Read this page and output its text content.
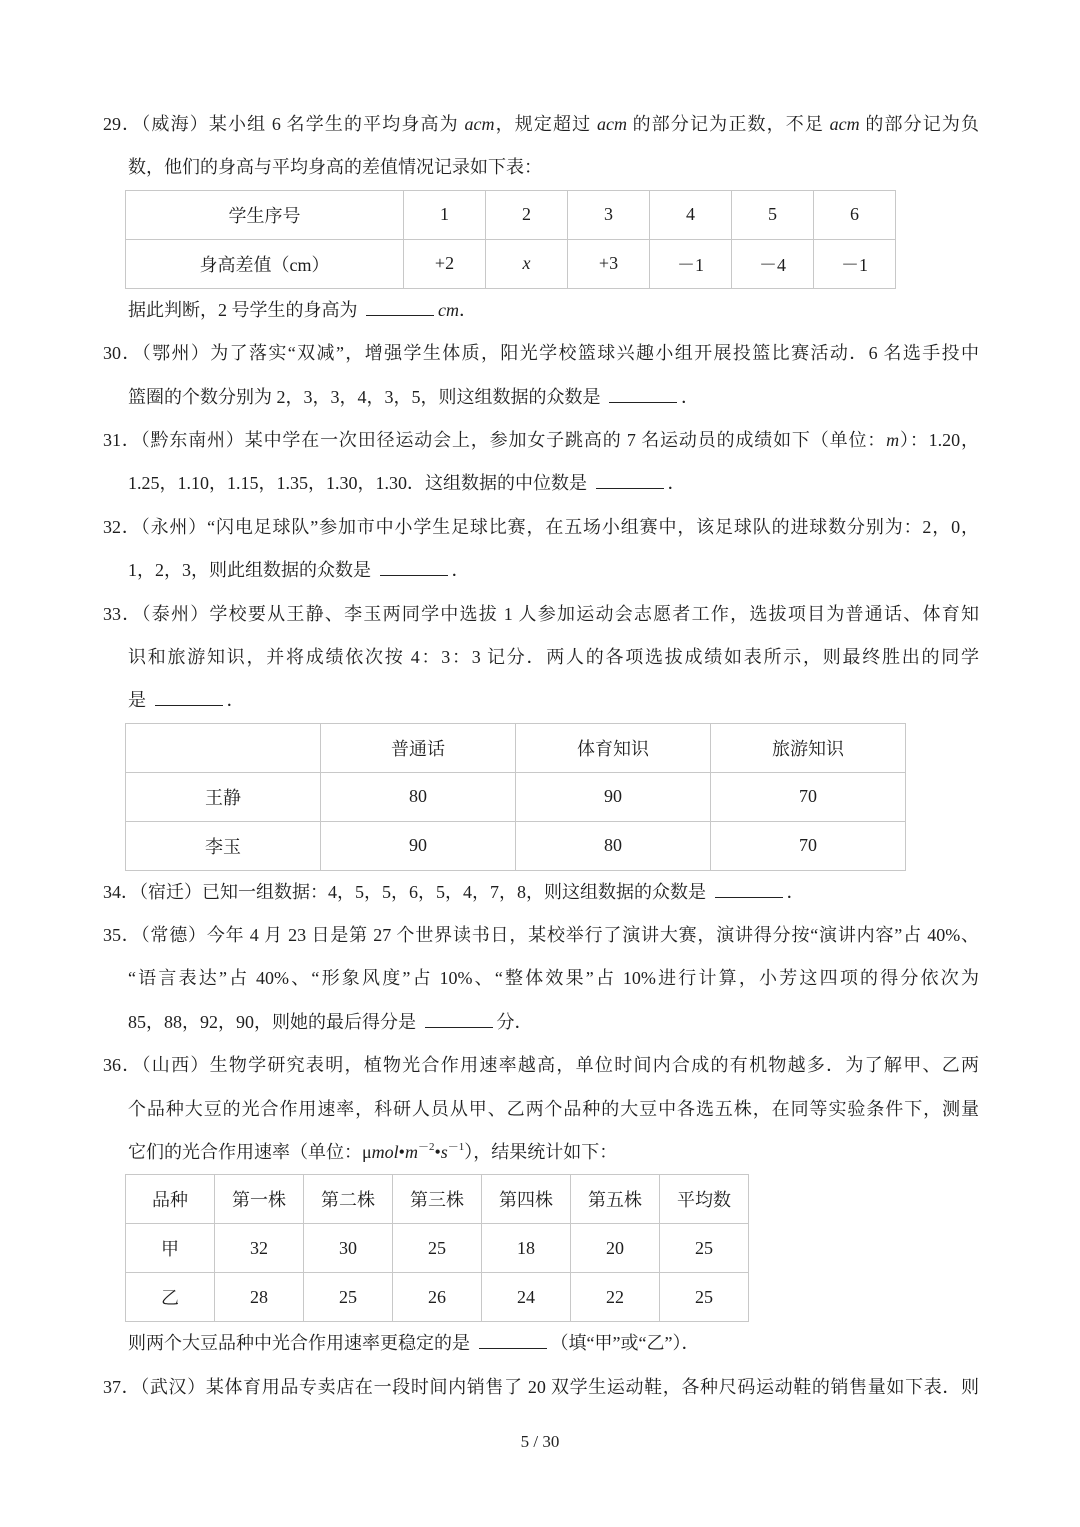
29．（威海）某小组 6 名学生的平均身高为 acm，规定超过 acm 的部分记为正数，不足 acm 的部分记为负
数，他们的身高与平均身高的差值情况记录如下表：
学生序号	1	2	3	4	5	6
身高差值（cm）	+2	x	+3	－1	－4	－1
据此判断，2 号学生的身高为	cm．
30．（鄂州）为了落实“双减”，增强学生体质，阳光学校篮球兴趣小组开展投篮比赛活动．6 名选手投中
篮圈的个数分别为 2，3，3，4，3，5，则这组数据的众数是	．
31．（黔东南州）某中学在一次田径运动会上，参加女子跳高的 7 名运动员的成绩如下（单位：m）：1.20，
1.25，1.10，1.15，1.35，1.30，1.30．这组数据的中位数是	．
32．（永州）“闪电足球队”参加市中小学生足球比赛，在五场小组赛中，该足球队的进球数分别为：2，0，
1，2，3，则此组数据的众数是	．
33．（泰州）学校要从王静、李玉两同学中选拔 1 人参加运动会志愿者工作，选拔项目为普通话、体育知
识和旅游知识，并将成绩依次按 4：3：3 记分．两人的各项选拔成绩如表所示，则最终胜出的同学
是	．
	普通话	体育知识	旅游知识
王静	80	90	70
李玉	90	80	70
34．（宿迁）已知一组数据：4，5，5，6，5，4，7，8，则这组数据的众数是	．
35．（常德）今年 4 月 23 日是第 27 个世界读书日，某校举行了演讲大赛，演讲得分按“演讲内容”占 40%、
“语言表达”占 40%、“形象风度”占 10%、“整体效果”占 10%进行计算，小芳这四项的得分依次为
85，88，92，90，则她的最后得分是	分．
36．（山西）生物学研究表明，植物光合作用速率越高，单位时间内合成的有机物越多．为了解甲、乙两
个品种大豆的光合作用速率，科研人员从甲、乙两个品种的大豆中各选五株，在同等实验条件下，测量
它们的光合作用速率（单位：$\mu mol•m^{-2}•s^{-1}$），结果统计如下：
品种	第一株	第二株	第三株	第四株	第五株	平均数
甲	32	30	25	18	20	25
乙	28	25	26	24	22	25
则两个大豆品种中光合作用速率更稳定的是	（填“甲”或“乙”）．
37．（武汉）某体育用品专卖店在一段时间内销售了 20 双学生运动鞋，各种尺码运动鞋的销售量如下表．则
5 / 30
